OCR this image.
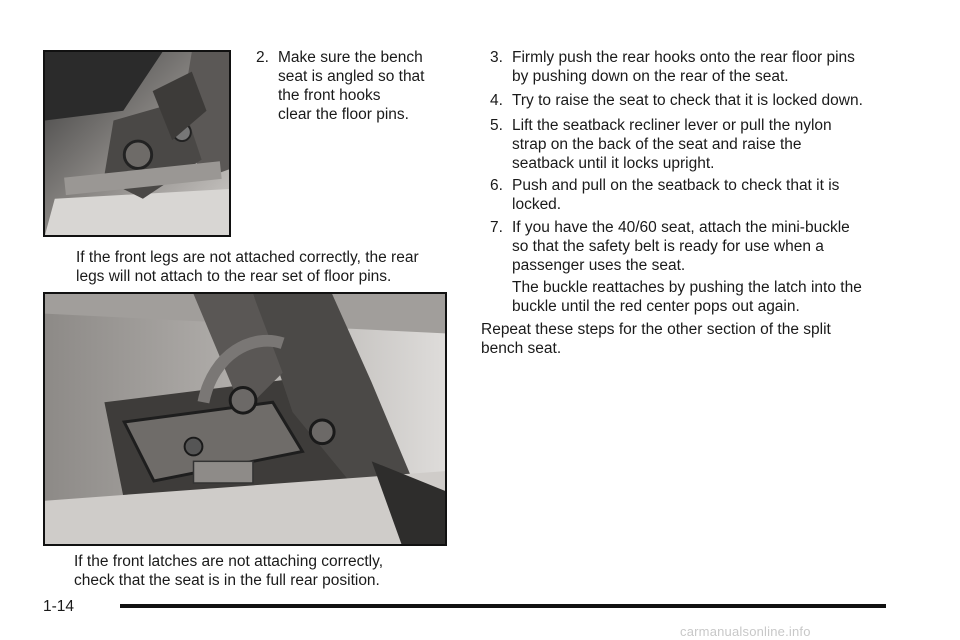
2. Make sure the bench
seat is angled so that
the front hooks
clear the floor pins.
If the front legs are not attached correctly, the rear
legs will not attach to the rear set of floor pins.
If the front latches are not attaching correctly,
check that the seat is in the full rear position.
3. Firmly push the rear hooks onto the rear floor pins
by pushing down on the rear of the seat.
4. Try to raise the seat to check that it is locked down.
5. Lift the seatback recliner lever or pull the nylon
strap on the back of the seat and raise the
seatback until it locks upright.
6. Push and pull on the seatback to check that it is
locked.
7. If you have the 40/60 seat, attach the mini-buckle
so that the safety belt is ready for use when a
passenger uses the seat.
The buckle reattaches by pushing the latch into the
buckle until the red center pops out again.
Repeat these steps for the other section of the split
bench seat.
1-14
carmanualsonline.info
